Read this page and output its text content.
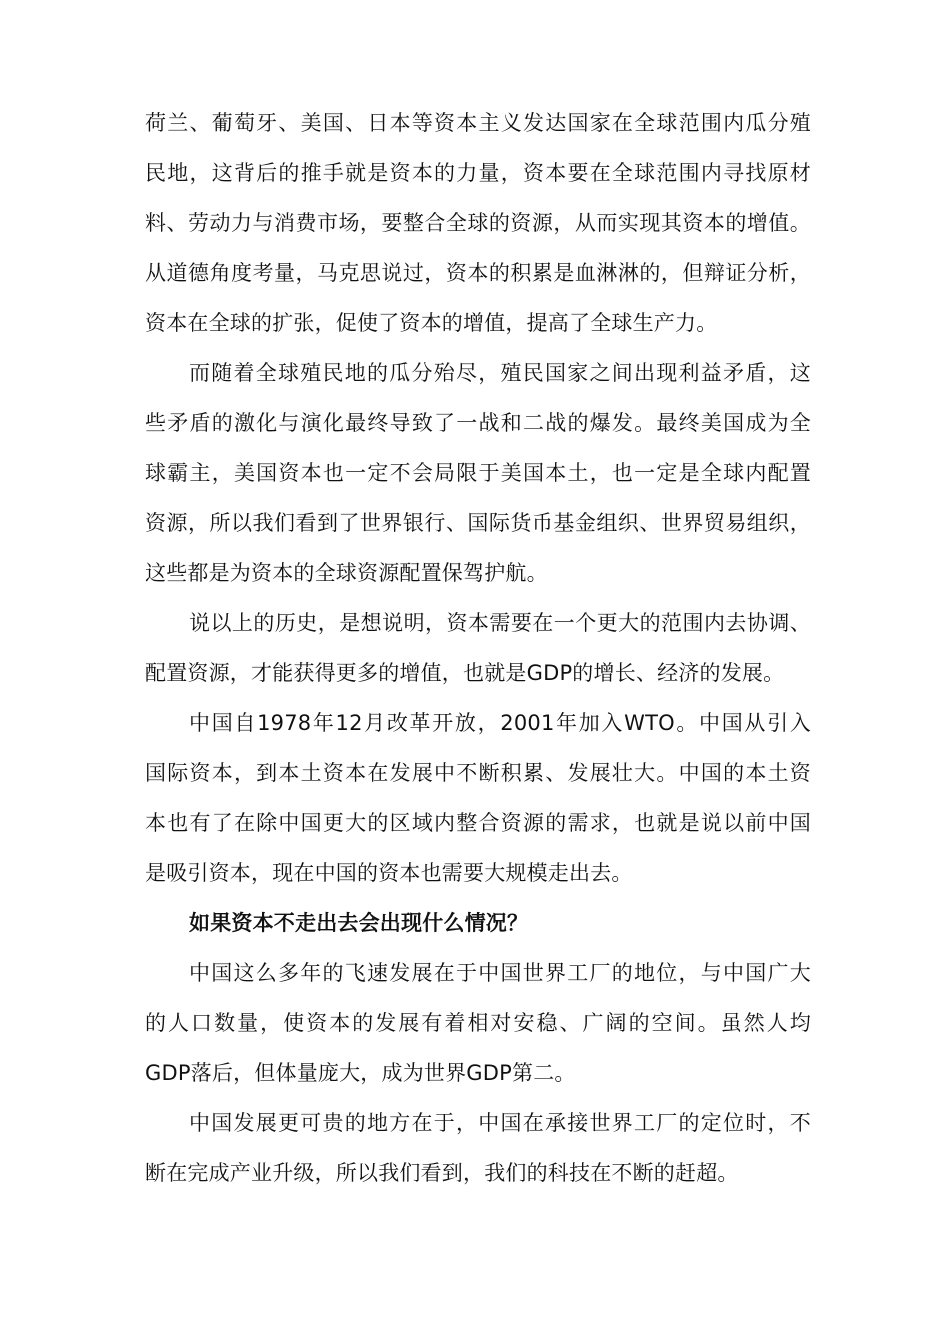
荷兰、葡萄牙、美国、日本等资本主义发达国家在全球范围内瓜分殖
民地，这背后的推手就是资本的力量，资本要在全球范围内寻找原材
料、劳动力与消费市场，要整合全球的资源，从而实现其资本的增值。
从道德角度考量，马克思说过，资本的积累是血淋淋的，但辩证分析，
资本在全球的扩张，促使了资本的增值，提高了全球生产力。
而随着全球殖民地的瓜分殆尽，殖民国家之间出现利益矛盾，这
些矛盾的激化与演化最终导致了一战和二战的爆发。最终美国成为全
球霸主，美国资本也一定不会局限于美国本土，也一定是全球内配置
资源，所以我们看到了世界银行、国际货币基金组织、世界贸易组织，
这些都是为资本的全球资源配置保驾护航。
说以上的历史，是想说明，资本需要在一个更大的范围内去协调、
配置资源，才能获得更多的增值，也就是GDP的增长、经济的发展。
中国自1978年12月改革开放，2001年加入WTO。中国从引入
国际资本，到本土资本在发展中不断积累、发展壮大。中国的本土资
本也有了在除中国更大的区域内整合资源的需求，也就是说以前中国
是吸引资本，现在中国的资本也需要大规模走出去。
如果资本不走出去会出现什么情况？
中国这么多年的飞速发展在于中国世界工厂的地位，与中国广大
的人口数量，使资本的发展有着相对安稳、广阔的空间。虽然人均
GDP落后，但体量庞大，成为世界GDP第二。
中国发展更可贵的地方在于，中国在承接世界工厂的定位时，不
断在完成产业升级，所以我们看到，我们的科技在不断的赶超。
